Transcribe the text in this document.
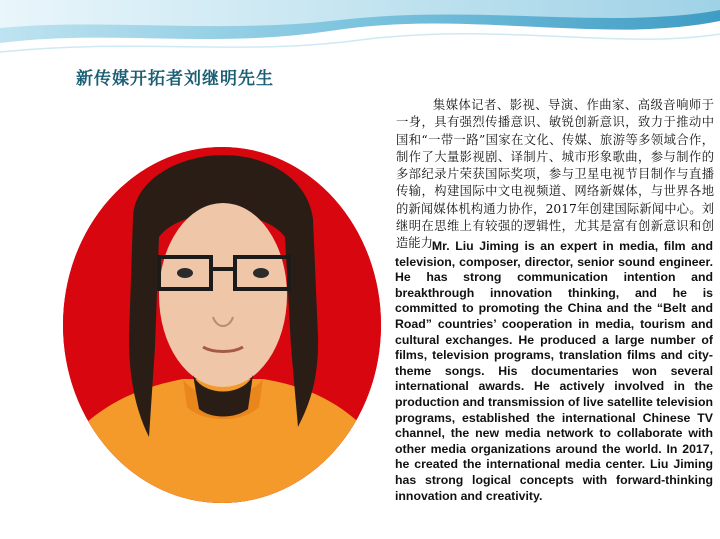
新传媒开拓者刘继明先生
集媒体记者、影视、导演、作曲家、高级音响师于一身，具有强烈传播意识、敏锐创新意识，致力于推动中国和“一带一路”国家在文化、传媒、旅游等多领域合作，制作了大量影视剧、译制片、城市形象歌曲，参与制作的多部纪录片荣获国际奖项，参与卫星电视节目制作与直播传输，构建国际中文电视频道、网络新媒体，与世界各地的新闻媒体机构通力协作，2017年创建国际新闻中心。刘继明在思维上有较强的逻辑性，尤其是富有创新意识和创造能力。
Mr. Liu Jiming is an expert in media, film and television, composer, director, senior sound engineer. He has strong communication intention and breakthrough innovation thinking, and he is committed to promoting the China and the “Belt and Road” countries’ cooperation in media, tourism and cultural exchanges. He produced a large number of films, television programs, translation films and city-theme songs. His documentaries won several international awards. He actively involved in the production and transmission of live satellite television programs, established the international Chinese TV channel, the new media network to collaborate with other media organizations around the world. In 2017, he created the international media center. Liu Jiming has strong logical concepts with forward-thinking innovation and creativity.
乐文网
